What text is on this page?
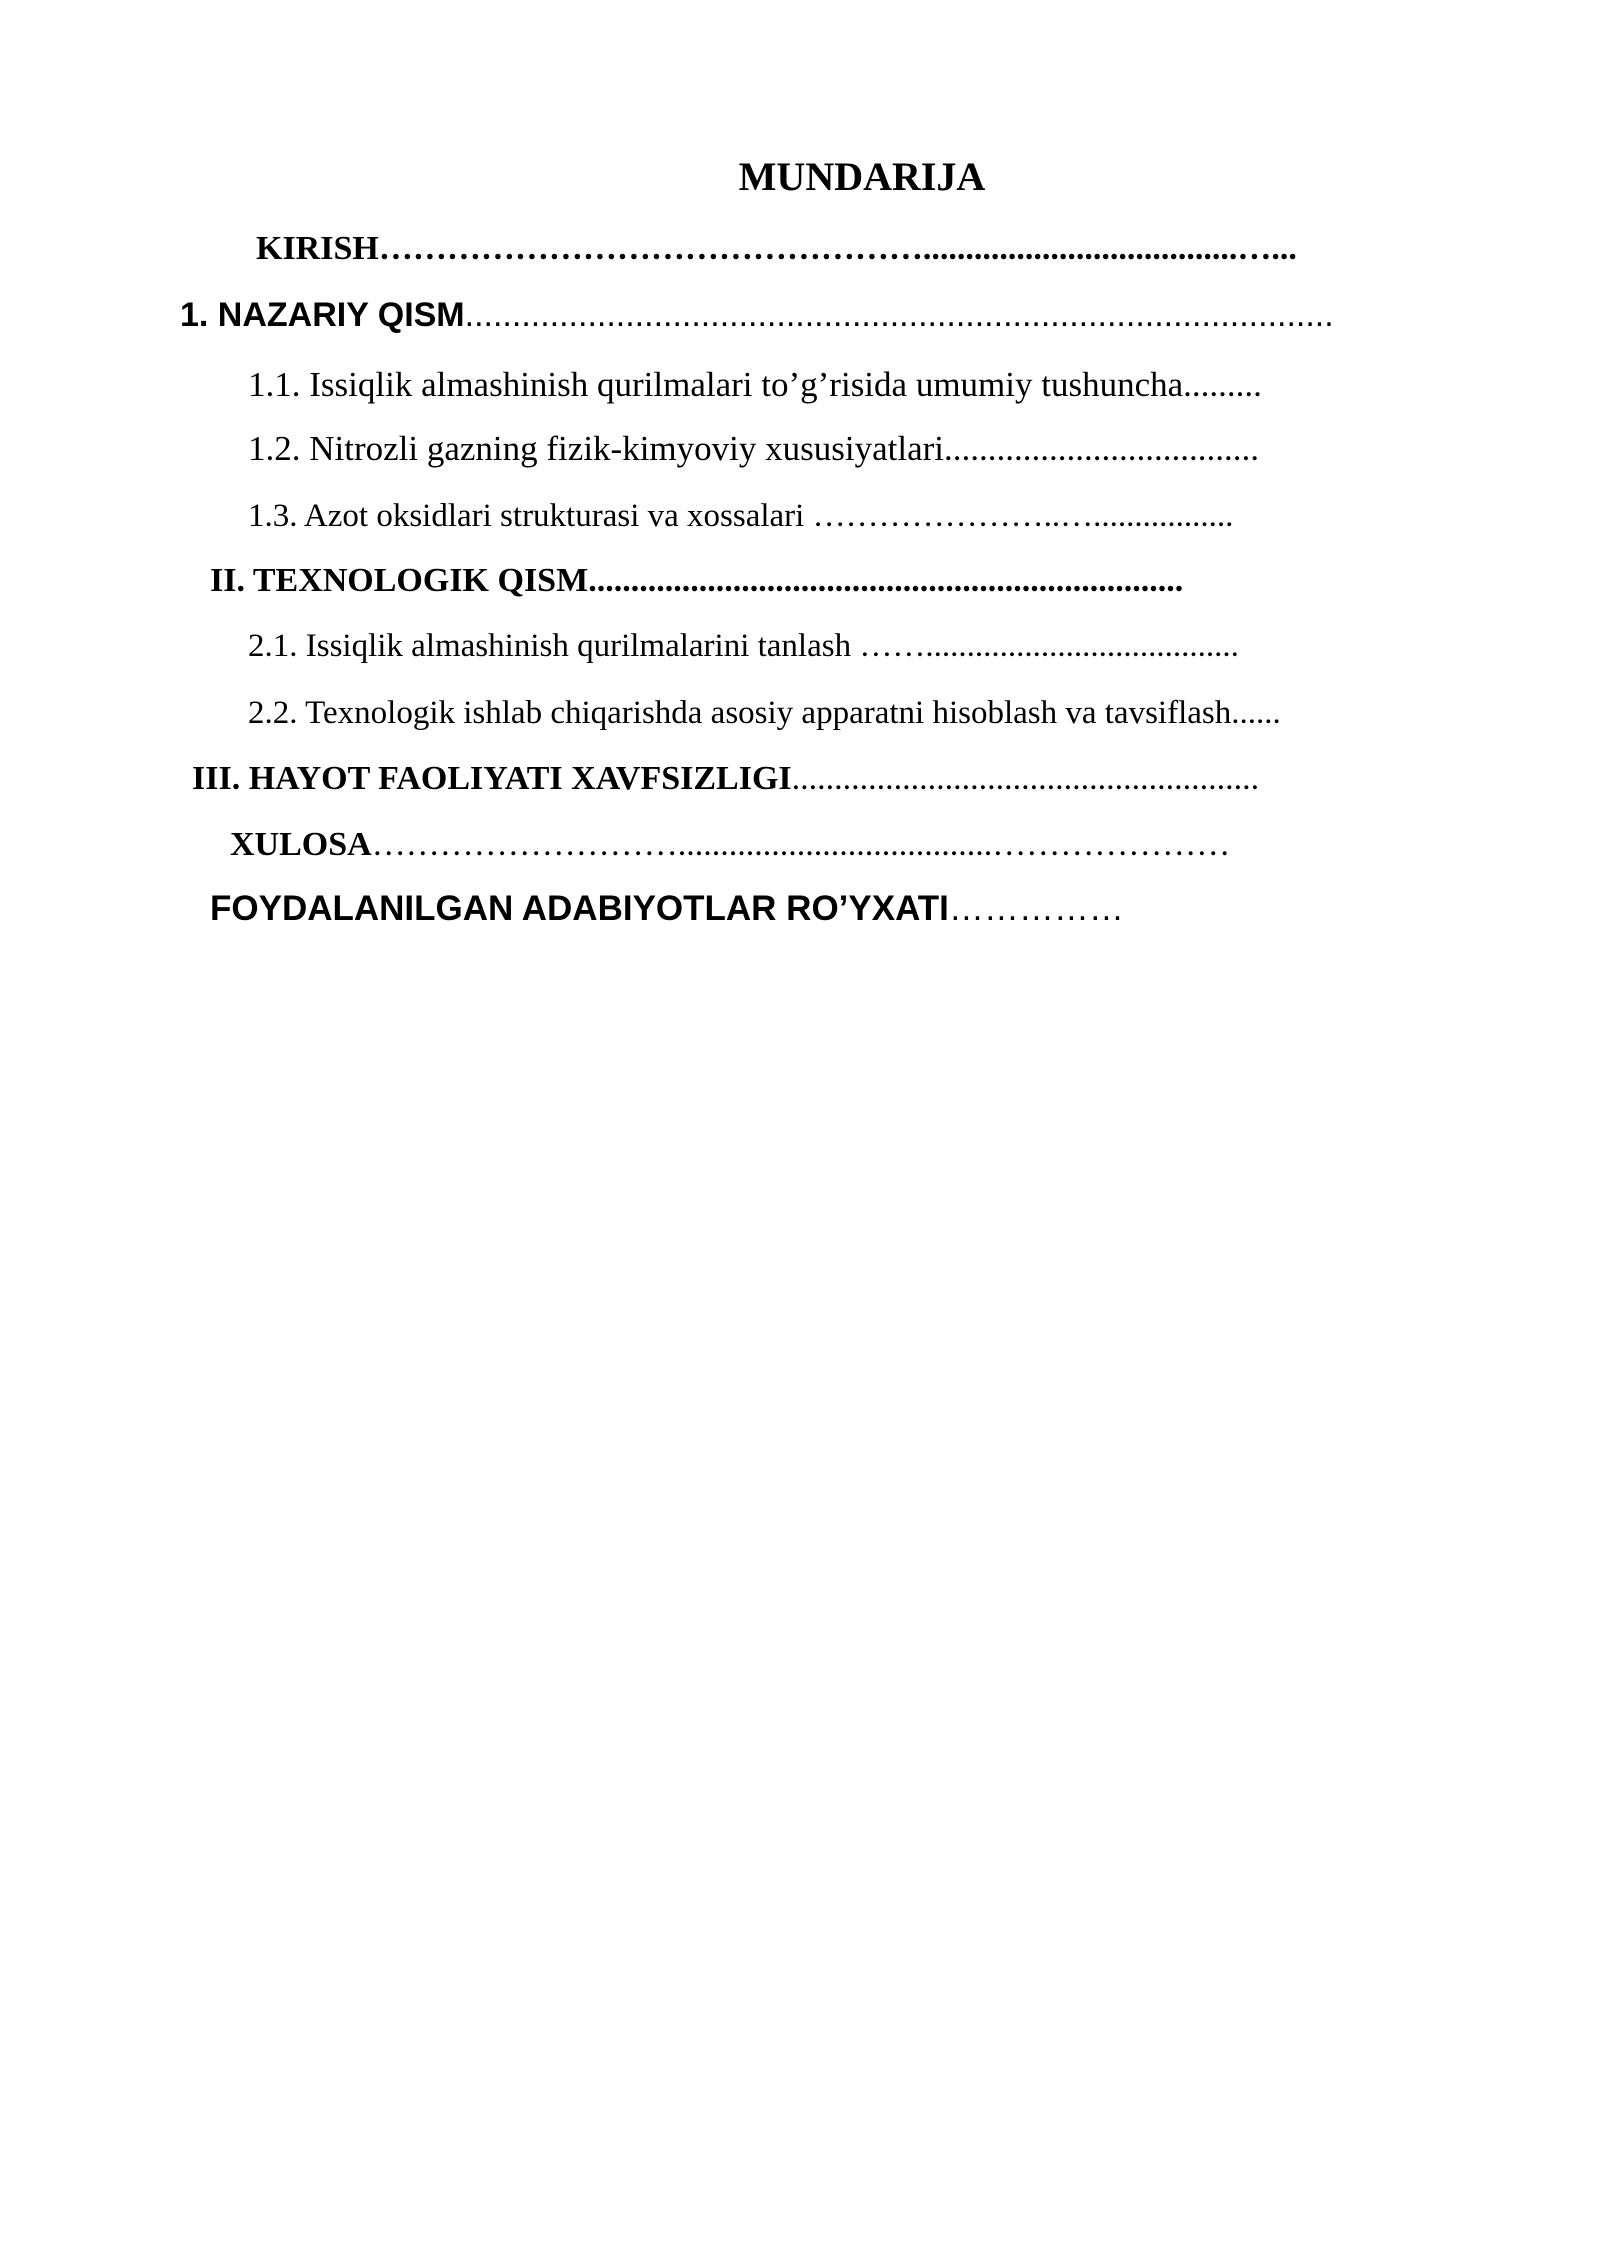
MUNDARIJA
KIRISH………………………………………….....................................…...
1. NAZARIY QISM............................................................................................
1.1. Issiqlik almashinish qurilmalari to’g’risida umumiy tushuncha.........
1.2. Nitrozli gazning fizik-kimyoviy xususiyatlari....................................
1.3. Azot oksidlari strukturasi va xossalari …………………..….................
II. TEXNOLOGIK QISM......................................................................
2.1. Issiqlik almashinish qurilmalarini tanlash ……......................................
2.2. Texnologik ishlab chiqarishda asosiy apparatni hisoblash va tavsiflash......
III. HAYOT FAOLIYATI XAVFSIZLIGI.......................................................
XULOSA……………………….....................................…………………
FOYDALANILGAN ADABIYOTLAR RO’YXATI……………
